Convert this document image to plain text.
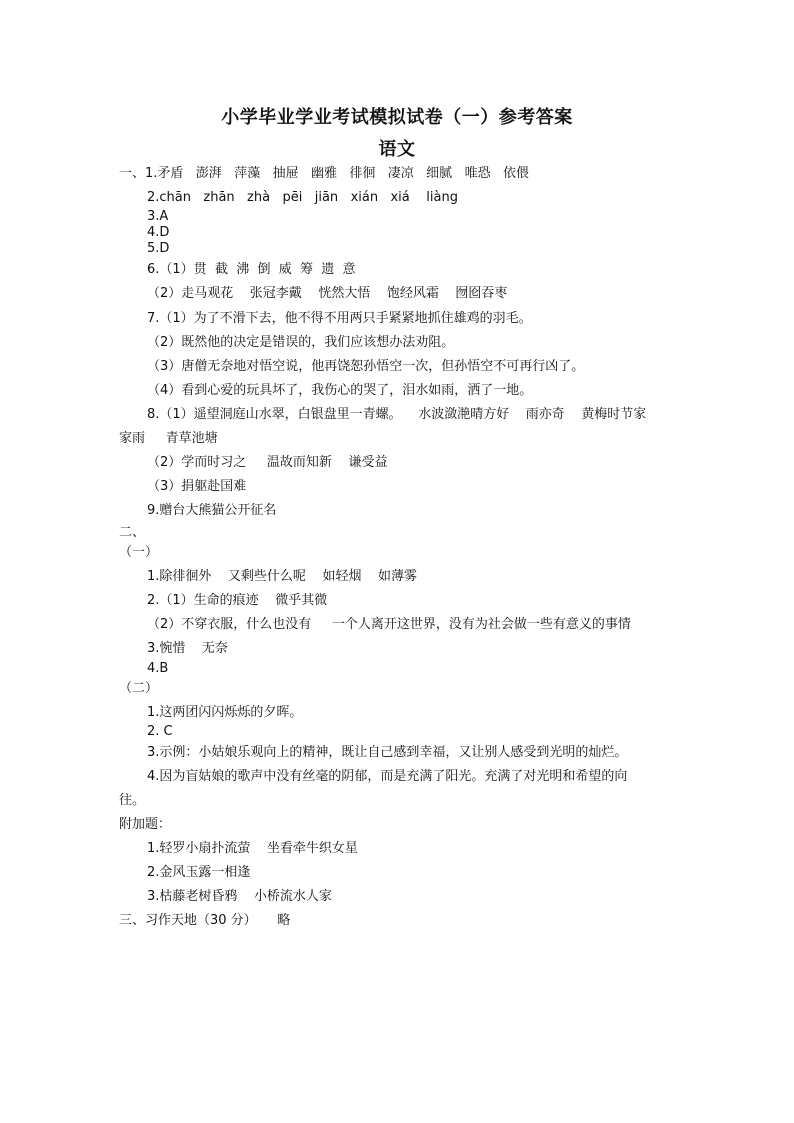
小学毕业学业考试模拟试卷（一）参考答案
语文
一、1.矛盾   澎湃   萍藻   抽屉   幽雅   徘徊   凄凉   细腻   唯恐   依偎
2.chān   zhān   zhà   pēi   jiān   xián   xiá    liàng
3.A
4.D
5.D
6.（1）贯  截  沸  倒  威  筹  遗  意
（2）走马观花    张冠李戴    恍然大悟    饱经风霜    囫囵吞枣
7.（1）为了不滑下去，他不得不用两只手紧紧地抓住雄鸡的羽毛。
（2）既然他的决定是错误的，我们应该想办法劝阻。
（3）唐僧无奈地对悟空说，他再饶恕孙悟空一次，但孙悟空不可再行凶了。
（4）看到心爱的玩具坏了，我伤心的哭了，泪水如雨，洒了一地。
8.（1）遥望洞庭山水翠，白银盘里一青螺。    水波潋滟晴方好    雨亦奇    黄梅时节家
家雨     青草池塘
（2）学而时习之     温故而知新    谦受益
（3）捐躯赴国难
9.赠台大熊猫公开征名
二、
（一）
1.除徘徊外    又剩些什么呢    如轻烟    如薄雾
2.（1）生命的痕迹    微乎其微
（2）不穿衣服，什么也没有     一个人离开这世界，没有为社会做一些有意义的事情
3.惋惜    无奈
4.B
（二）
1.这两团闪闪烁烁的夕晖。
2. C
3.示例：小姑娘乐观向上的精神，既让自己感到幸福，又让别人感受到光明的灿烂。
4.因为盲姑娘的歌声中没有丝毫的阴郁，而是充满了阳光。充满了对光明和希望的向
往。
附加题：
1.轻罗小扇扑流萤    坐看牵牛织女星
2.金风玉露一相逢
3.枯藤老树昏鸦    小桥流水人家
三、习作天地（30 分）     略
